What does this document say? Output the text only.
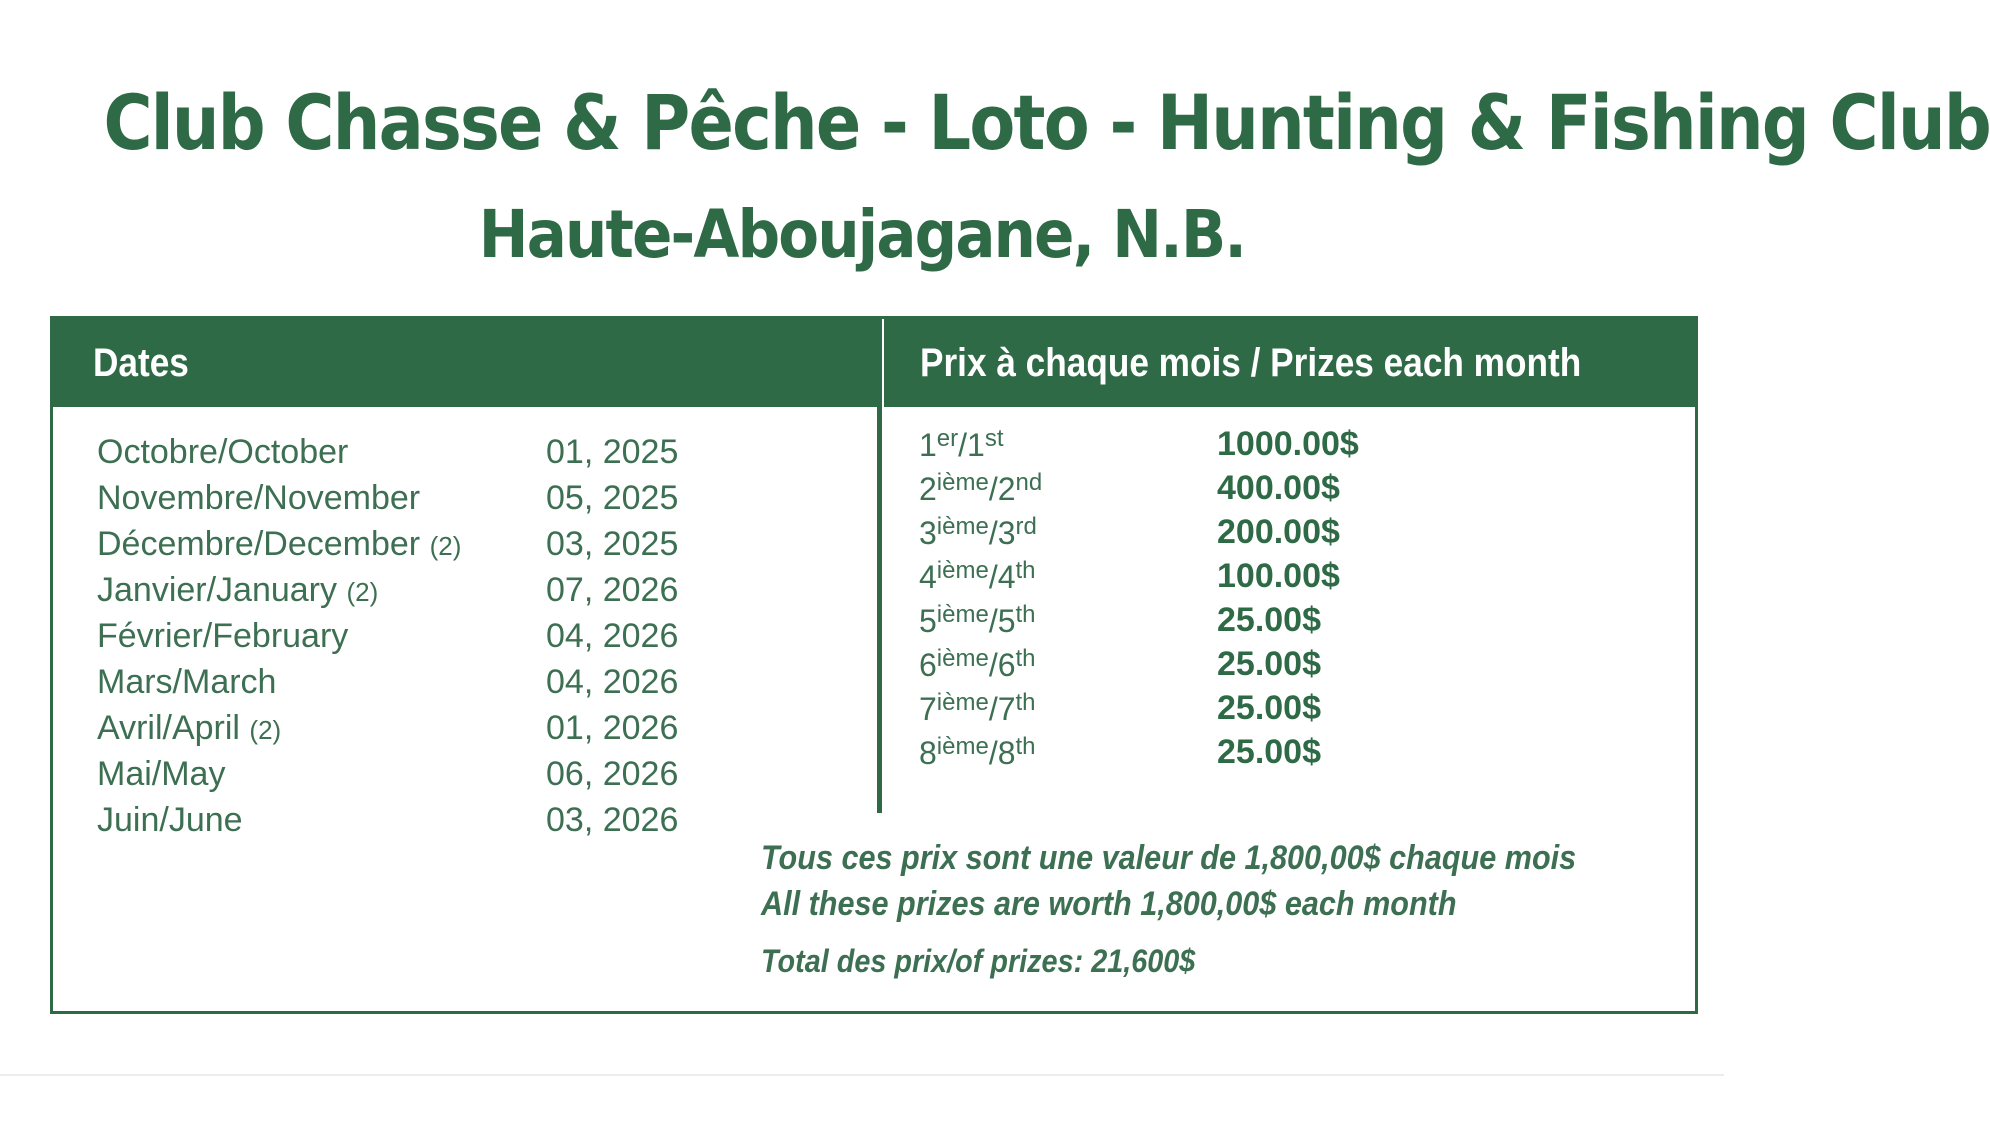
Club Chasse & Pêche - Loto - Hunting & Fishing Club
Haute-Aboujagane, N.B.
Dates	Prix à chaque mois / Prizes each month
Octobre/October	01, 2025
Novembre/November	05, 2025
Décembre/December (2) 03, 2025
Janvier/January (2)	07, 2026
Février/February	04, 2026
Mars/March	04, 2026
Avril/April (2)	01, 2026
Mai/May	06, 2026
Juin/June	03, 2026
1er/1st	1000.00$
2ième/2nd	400.00$
3ième/3rd	200.00$
4ième/4th	100.00$
5ième/5th	25.00$
6ième/6th	25.00$
7ième/7th	25.00$
8ième/8th	25.00$
Tous ces prix sont une valeur de 1,800,00$ chaque mois
All these prizes are worth 1,800,00$ each month
Total des prix/of prizes: 21,600$
